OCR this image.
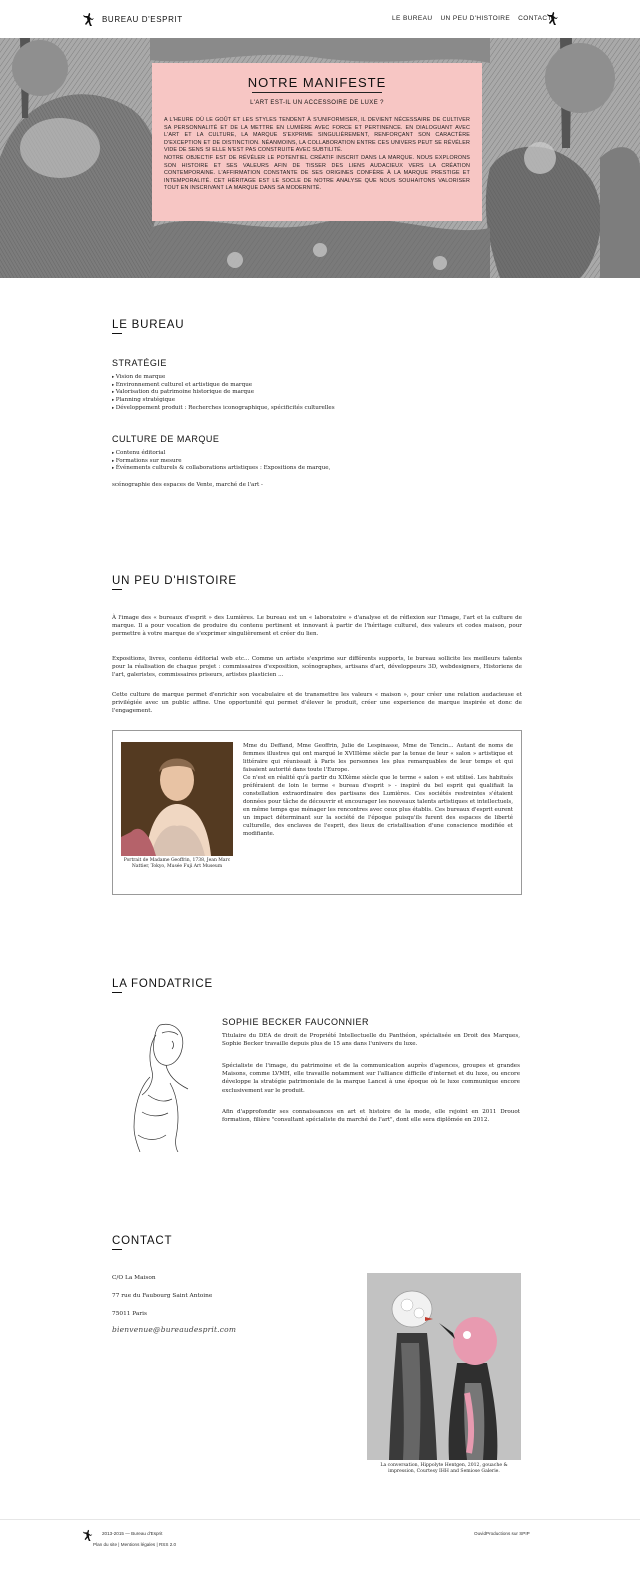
BUREAU D'ESPRIT	LE BUREAU UN PEU D'HISTOIRE CONTACT
NOTRE MANIFESTE
L'ART EST-IL UN ACCESSOIRE DE LUXE ?

A L'HEURE OÙ LE GOÛT ET LES STYLES TENDENT À S'UNIFORMISER, IL DEVIENT NÉCESSAIRE DE CULTIVER SA PERSONNALITÉ ET DE LA METTRE EN LUMIÈRE AVEC FORCE ET PERTINENCE. EN DIALOGUANT AVEC L'ART ET LA CULTURE, LA MARQUE S'EXPRIME SINGULIÈREMENT, RENFORÇANT SON CARACTÈRE D'EXCEPTION ET DE DISTINCTION. NÉANMOINS, LA COLLABORATION ENTRE CES UNIVERS PEUT SE RÉVÉLER VIDE DE SENS SI ELLE N'EST PAS CONSTRUITE AVEC SUBTILITÉ.

NOTRE OBJECTIF EST DE RÉVÉLER LE POTENTIEL CRÉATIF INSCRIT DANS LA MARQUE. NOUS EXPLORONS SON HISTOIRE ET SES VALEURS AFIN DE TISSER DES LIENS AUDACIEUX VERS LA CRÉATION CONTEMPORAINE. L'AFFIRMATION CONSTANTE DE SES ORIGINES CONFÈRE À LA MARQUE PRESTIGE ET INTEMPORALITÉ. CET HÉRITAGE EST LE SOCLE DE NOTRE ANALYSE QUE NOUS SOUHAITONS VALORISER TOUT EN INSCRIVANT LA MARQUE DANS SA MODERNITÉ.

LE BUREAU
STRATÉGIE
▸ Vision de marque
▸ Environnement culturel et artistique de marque
▸ Valorisation du patrimoine historique de marque
▸ Planning stratégique
▸ Développement produit : Recherches iconographique, spécificités culturelles
CULTURE DE MARQUE
▸ Contenu éditorial
▸ Formations sur mesure
▸ Événements culturels & collaborations artistiques : Expositions de marque,
scénographie des espaces de Vente, marché de l'art -
UN PEU D'HISTOIRE
À l'image des « bureaux d'esprit » des Lumières. Le bureau est un « laboratoire » d'analyse et de réflexion sur l'image, l'art et la culture de marque. Il a pour vocation de produire du contenu pertinent et innovant à partir de l'héritage culturel, des valeurs et codes maison, pour permettre à votre marque de s'exprimer singulièrement et créer du lien.
Expositions, livres, contenu éditorial web etc... Comme un artiste s'exprime sur différents supports, le bureau sollicite les meilleurs talents pour la réalisation de chaque projet : commissaires d'exposition, scénographes, artisans d'art, développeurs 3D, webdesigners, Historiens de l'art, galeristes, commissaires priseurs, artistes plasticien ...
Cette culture de marque permet d'enrichir son vocabulaire et de transmettre les valeurs « maison », pour créer une relation audacieuse et privilégiée avec un public affine. Une opportunité qui permet d'élever le produit, créer une experience de marque inspirée et donc de l'engagement.
Portrait de Madame Geoffrin, 1738, Jean Marc Nattier, Tokyo, Musée Fuji Art Museum
Mme du Deffand, Mme Geoffrin, Julie de Lespinasse, Mme de Tencin... Autant de noms de femmes illustres qui ont marqué le XVIIIème siècle par la tenue de leur « salon » artistique et littéraire qui réunissait à Paris les personnes les plus remarquables de leur temps et qui faisaient autorité dans toute l'Europe.
Ce n'est en réalité qu'à partir du XIXème siècle que le terme « salon » est utilisé. Les habitués préféraient de loin le terme « bureau d'esprit » - inspiré du bel esprit qui qualifiait la constellation extraordinaire des partisans des Lumières. Ces sociétés restreintes s'étaient données pour tâche de découvrir et encourager les nouveaux talents artistiques et intellectuels, en même temps que ménager les rencontres avec ceux plus établis. Ces bureaux d'esprit eurent un impact déterminant sur la société de l'époque puisqu'ils furent des espaces de liberté culturelle, des enclaves de l'esprit, des lieux de cristallisation d'une conscience modifiée et modifiante.
LA FONDATRICE
SOPHIE BECKER FAUCONNIER
Titulaire du DEA de droit de Propriété Intellectuelle du Panthéon, spécialisée en Droit des Marques, Sophie Becker travaille depuis plus de 15 ans dans l'univers du luxe.
Spécialiste de l'image, du patrimoine et de la communication auprès d'agences, groupes et grandes Maisons, comme LVMH, elle travaille notamment sur l'alliance difficile d'internet et du luxe, ou encore développe la stratégie patrimoniale de la marque Lancel à une époque où le luxe communique encore exclusivement sur le produit.
Afin d'approfondir ses connaissances en art et histoire de la mode, elle rejoint en 2011 Drouot formation, filière "consultant spécialiste du marché de l'art", dont elle sera diplômée en 2012.
CONTACT
C/O La Maison
77 rue du Faubourg Saint Antoine
75011 Paris
bienvenue@bureaudesprit.com
La conversation, Hippolyte Hentgen, 2012, gouache & impression, Courtesy IHH and Semiose Galerie.
2013-2015 — Bureau d'Esprit
Plan du site | Mentions légales | RSS 2.0
OuvidProductions sur SPIP
